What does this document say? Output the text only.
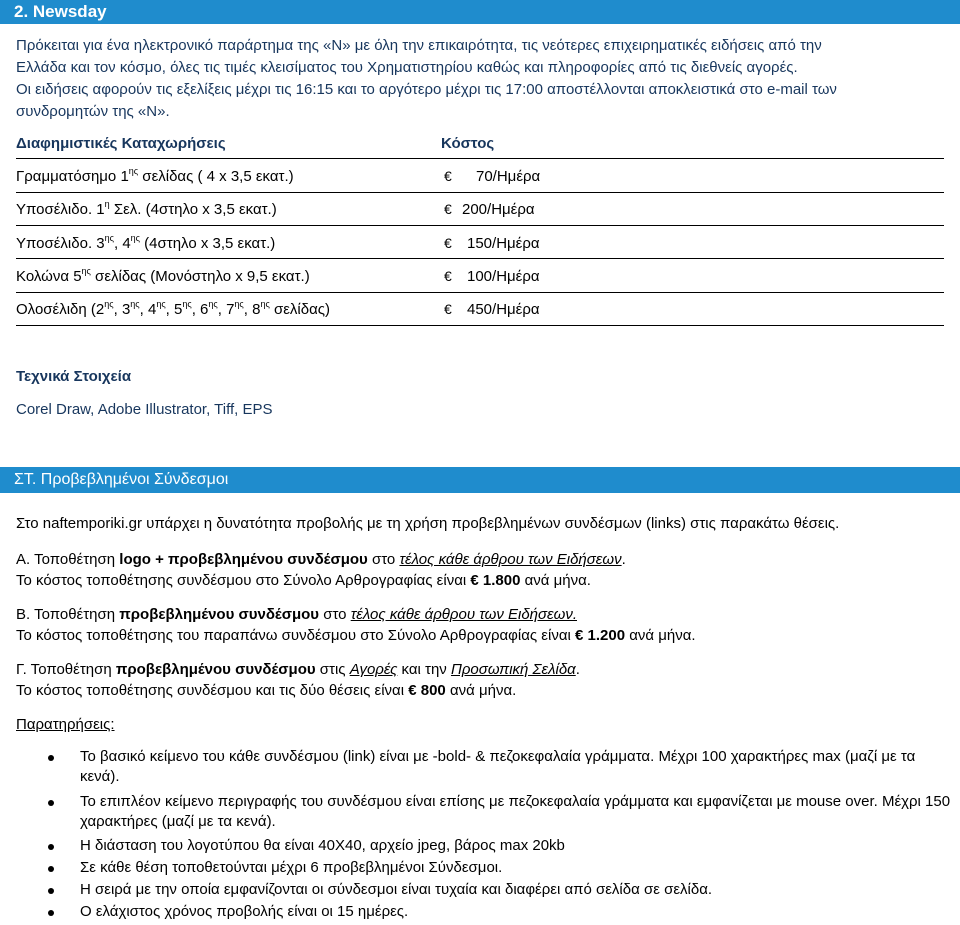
2. Newsday
Πρόκειται για ένα ηλεκτρονικό παράρτημα της «Ν» με όλη την επικαιρότητα, τις νεότερες επιχειρηματικές ειδήσεις από την
Ελλάδα και τον κόσμο, όλες τις τιμές κλεισίματος του Χρηματιστηρίου καθώς και πληροφορίες από τις διεθνείς αγορές.
Οι ειδήσεις αφορούν τις εξελίξεις μέχρι τις 16:15 και το αργότερο μέχρι τις 17:00 αποστέλλονται αποκλειστικά στο e-mail των
συνδρομητών της «Ν».
Διαφημιστικές Καταχωρήσεις	Κόστος
Γραμματόσημο $1^{\eta\varsigma}$ σελίδας ( 4 x 3,5 εκατ.)	€ 70/Ημέρα
Υποσέλιδο. $1^\eta$ Σελ. (4στηλο x 3,5 εκατ.)	€ 200/Ημέρα
Υποσέλιδο. $3^{\eta\varsigma}$, $4^{\eta\varsigma}$ (4στηλο x 3,5 εκατ.)	€ 150/Ημέρα
Κολώνα $5^{\eta\varsigma}$ σελίδας (Μονόστηλο x 9,5 εκατ.)	€ 100/Ημέρα
Ολοσέλιδη ($2^{\eta\varsigma}$, $3^{\eta\varsigma}$, $4^{\eta\varsigma}$, $5^{\eta\varsigma}$, $6^{\eta\varsigma}$, $7^{\eta\varsigma}$, $8^{\eta\varsigma}$ σελίδας)	€ 450/Ημέρα
Τεχνικά Στοιχεία
Corel Draw, Adobe Illustrator, Tiff, EPS
ΣΤ. Προβεβλημένοι Σύνδεσμοι
Στο naftemporiki.gr υπάρχει η δυνατότητα προβολής με τη χρήση προβεβλημένων συνδέσμων (links) στις παρακάτω θέσεις.
Α. Τοποθέτηση logo + προβεβλημένου συνδέσμου στο τέλος κάθε άρθρου των Ειδήσεων.
Το κόστος τοποθέτησης συνδέσμου στο Σύνολο Αρθρογραφίας είναι € 1.800 ανά μήνα.
Β. Τοποθέτηση προβεβλημένου συνδέσμου στο τέλος κάθε άρθρου των Ειδήσεων.
Το κόστος τοποθέτησης του παραπάνω συνδέσμου στο Σύνολο Αρθρογραφίας είναι € 1.200 ανά μήνα.
Γ. Τοποθέτηση προβεβλημένου συνδέσμου στις Αγορές και την Προσωπική Σελίδα.
Το κόστος τοποθέτησης συνδέσμου και τις δύο θέσεις είναι € 800 ανά μήνα.
Παρατηρήσεις:
Το βασικό κείμενο του κάθε συνδέσμου (link) είναι με -bold- & πεζοκεφαλαία γράμματα. Μέχρι 100 χαρακτήρες max (μαζί με τα κενά).
Το επιπλέον κείμενο περιγραφής του συνδέσμου είναι επίσης με πεζοκεφαλαία γράμματα και εμφανίζεται με mouse over. Μέχρι 150 χαρακτήρες (μαζί με τα κενά).
Η διάσταση του λογοτύπου θα είναι 40X40, αρχείο jpeg, βάρος max 20kb
Σε κάθε θέση τοποθετούνται μέχρι 6 προβεβλημένοι Σύνδεσμοι.
Η σειρά με την οποία εμφανίζονται οι σύνδεσμοι είναι τυχαία και διαφέρει από σελίδα σε σελίδα.
Ο ελάχιστος χρόνος προβολής είναι οι 15 ημέρες.
